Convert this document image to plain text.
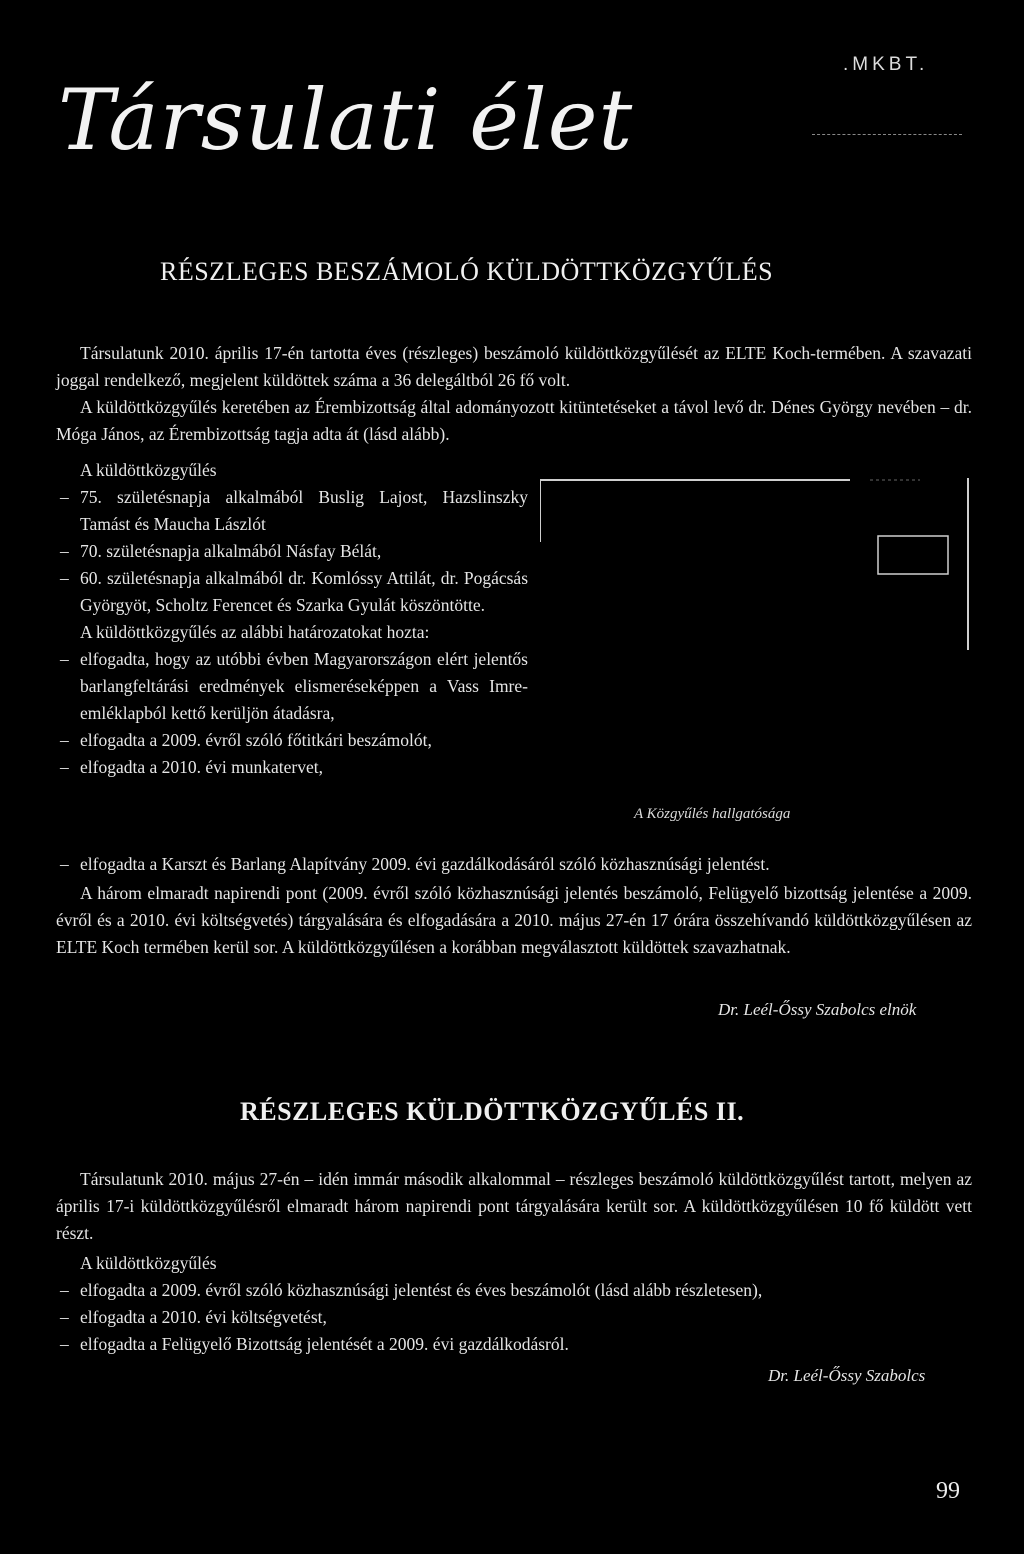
.MKBT.
Társulati élet
RÉSZLEGES BESZÁMOLÓ KÜLDÖTTKÖZGYŰLÉS

Társulatunk 2010. április 17-én tartotta éves (részleges) beszámoló küldöttközgyűlését az ELTE Koch-termében. A szavazati joggal rendelkező, megjelent küldöttek száma a 36 delegáltból 26 fő volt.

A küldöttközgyűlés keretében az Érembizottság által adományozott kitüntetéseket a távol levő dr. Dénes György nevében – dr. Móga János, az Érembizottság tagja adta át (lásd alább).

A küldöttközgyűlés

– 75. születésnapja alkalmából Buslig Lajost, Hazslinszky Tamást és Maucha Lászlót
– 70. születésnapja alkalmából Násfay Bélát,
– 60. születésnapja alkalmából dr. Komlóssy Attilát, dr. Pogácsás Györgyöt, Scholtz Ferencet és Szarka Gyulát köszöntötte.

A küldöttközgyűlés az alábbi határozatokat hozta:

– elfogadta, hogy az utóbbi évben Magyarországon elért jelentős barlangfeltárási eredmények elismeréseképpen a Vass Imre-emléklapból kettő kerüljön átadásra,
– elfogadta a 2009. évről szóló főtitkári beszámolót,
– elfogadta a 2010. évi munkatervet,
A Közgyűlés hallgatósága
– elfogadta a Karszt és Barlang Alapítvány 2009. évi gazdálkodásáról szóló közhasznúsági jelentést.

A három elmaradt napirendi pont (2009. évről szóló közhasznúsági jelentés beszámoló, Felügyelő bizottság jelentése a 2009. évről és a 2010. évi költségvetés) tárgyalására és elfogadására a 2010. május 27-én 17 órára összehívandó küldöttközgyűlésen az ELTE Koch termében kerül sor. A küldöttközgyűlésen a korábban megválasztott küldöttek szavazhatnak.

Dr. Leél-Őssy Szabolcs elnök
RÉSZLEGES KÜLDÖTTKÖZGYŰLÉS II.

Társulatunk 2010. május 27-én – idén immár második alkalommal – részleges beszámoló küldöttközgyűlést tartott, melyen az április 17-i küldöttközgyűlésről elmaradt három napirendi pont tárgyalására került sor. A küldöttközgyűlésen 10 fő küldött vett részt.

A küldöttközgyűlés

– elfogadta a 2009. évről szóló közhasznúsági jelentést és éves beszámolót (lásd alább részletesen),
– elfogadta a 2010. évi költségvetést,
– elfogadta a Felügyelő Bizottság jelentését a 2009. évi gazdálkodásról.
Dr. Leél-Őssy Szabolcs
99
